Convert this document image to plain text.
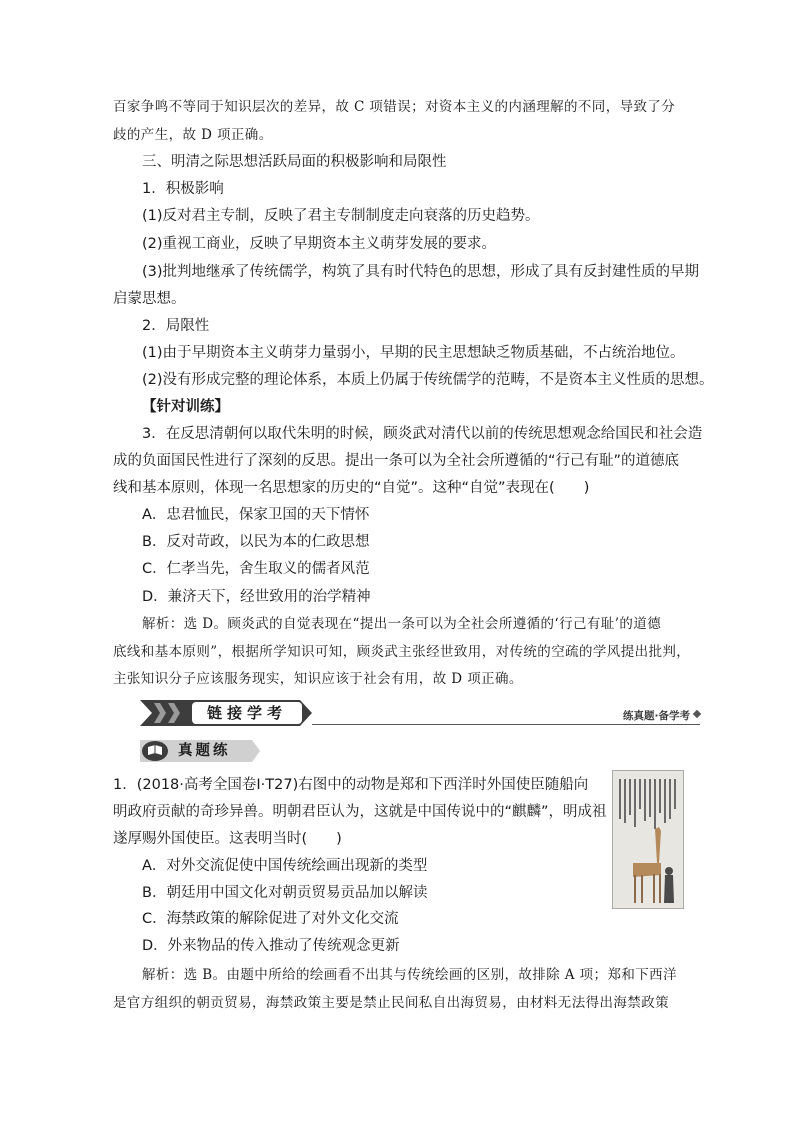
百家争鸣不等同于知识层次的差异，故 C 项错误；对资本主义的内涵理解的不同，导致了分
歧的产生，故 D 项正确。
三、明清之际思想活跃局面的积极影响和局限性
1．积极影响
(1)反对君主专制，反映了君主专制制度走向衰落的历史趋势。
(2)重视工商业，反映了早期资本主义萌芽发展的要求。
(3)批判地继承了传统儒学，构筑了具有时代特色的思想，形成了具有反封建性质的早期
启蒙思想。
2．局限性
(1)由于早期资本主义萌芽力量弱小，早期的民主思想缺乏物质基础，不占统治地位。
(2)没有形成完整的理论体系，本质上仍属于传统儒学的范畴，不是资本主义性质的思想。
【针对训练】
3．在反思清朝何以取代朱明的时候，顾炎武对清代以前的传统思想观念给国民和社会造
成的负面国民性进行了深刻的反思。提出一条可以为全社会所遵循的“行己有耻”的道德底
线和基本原则，体现一名思想家的历史的“自觉”。这种“自觉”表现在(　　)
A．忠君恤民，保家卫国的天下情怀
B．反对苛政，以民为本的仁政思想
C．仁孝当先，舍生取义的儒者风范
D．兼济天下，经世致用的治学精神
解析：选 D。顾炎武的自觉表现在“提出一条可以为全社会所遵循的‘行己有耻’的道德
底线和基本原则”，根据所学知识可知，顾炎武主张经世致用，对传统的空疏的学风提出批判，
主张知识分子应该服务现实，知识应该于社会有用，故 D 项正确。
链接学考	练真题·备学考
真题练
1．(2018·高考全国卷Ⅰ·T27)右图中的动物是郑和下西洋时外国使臣随船向
明政府贡献的奇珍异兽。明朝君臣认为，这就是中国传说中的“麒麟”，明成祖
遂厚赐外国使臣。这表明当时(　　)
A．对外交流促使中国传统绘画出现新的类型
B．朝廷用中国文化对朝贡贸易贡品加以解读
C．海禁政策的解除促进了对外文化交流
D．外来物品的传入推动了传统观念更新
解析：选 B。由题中所给的绘画看不出其与传统绘画的区别，故排除 A 项；郑和下西洋
是官方组织的朝贡贸易，海禁政策主要是禁止民间私自出海贸易，由材料无法得出海禁政策
